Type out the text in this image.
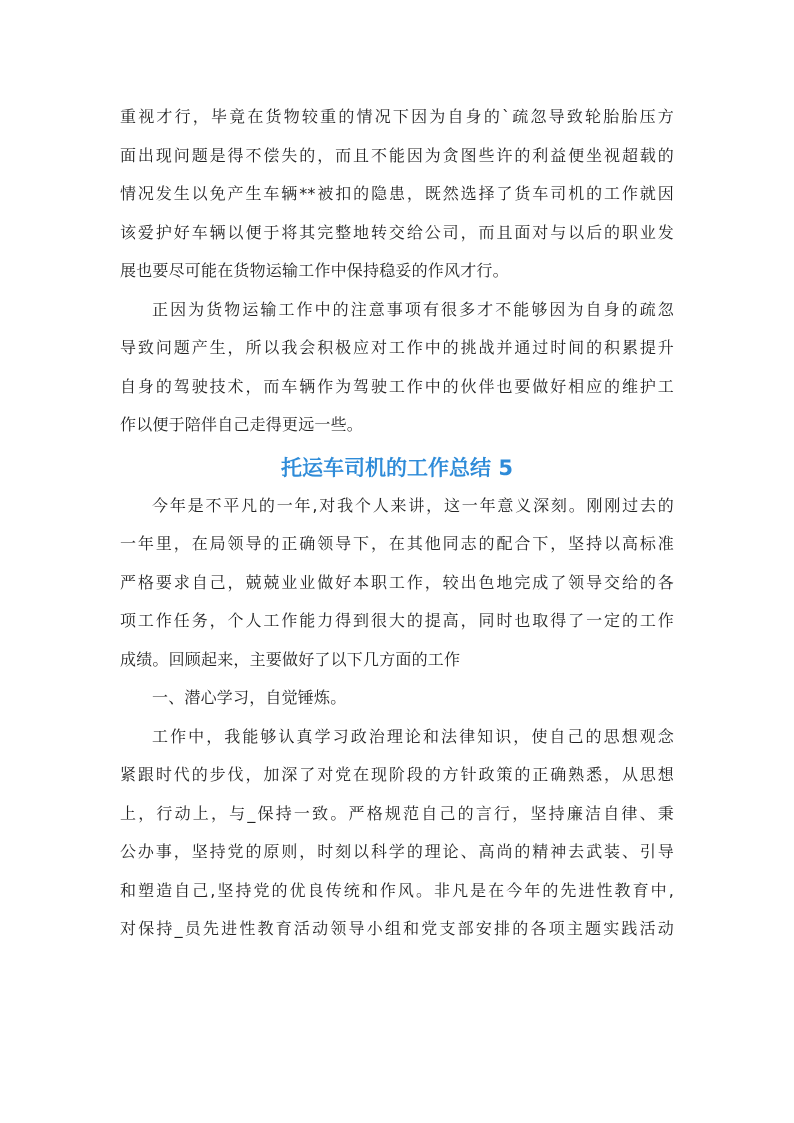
重视才行，毕竟在货物较重的情况下因为自身的`疏忽导致轮胎胎压方
面出现问题是得不偿失的，而且不能因为贪图些许的利益便坐视超载的
情况发生以免产生车辆**被扣的隐患，既然选择了货车司机的工作就因
该爱护好车辆以便于将其完整地转交给公司，而且面对与以后的职业发
展也要尽可能在货物运输工作中保持稳妥的作风才行。
正因为货物运输工作中的注意事项有很多才不能够因为自身的疏忽
导致问题产生，所以我会积极应对工作中的挑战并通过时间的积累提升
自身的驾驶技术，而车辆作为驾驶工作中的伙伴也要做好相应的维护工
作以便于陪伴自己走得更远一些。
托运车司机的工作总结 5
今年是不平凡的一年,对我个人来讲，这一年意义深刻。刚刚过去的
一年里，在局领导的正确领导下，在其他同志的配合下，坚持以高标准
严格要求自己，兢兢业业做好本职工作，较出色地完成了领导交给的各
项工作任务，个人工作能力得到很大的提高，同时也取得了一定的工作
成绩。回顾起来，主要做好了以下几方面的工作
一、潜心学习，自觉锤炼。
工作中，我能够认真学习政治理论和法律知识，使自己的思想观念
紧跟时代的步伐，加深了对党在现阶段的方针政策的正确熟悉，从思想
上，行动上，与_保持一致。严格规范自己的言行，坚持廉洁自律、秉
公办事，坚持党的原则，时刻以科学的理论、高尚的精神去武装、引导
和塑造自己,坚持党的优良传统和作风。非凡是在今年的先进性教育中,
对保持_员先进性教育活动领导小组和党支部安排的各项主题实践活动
